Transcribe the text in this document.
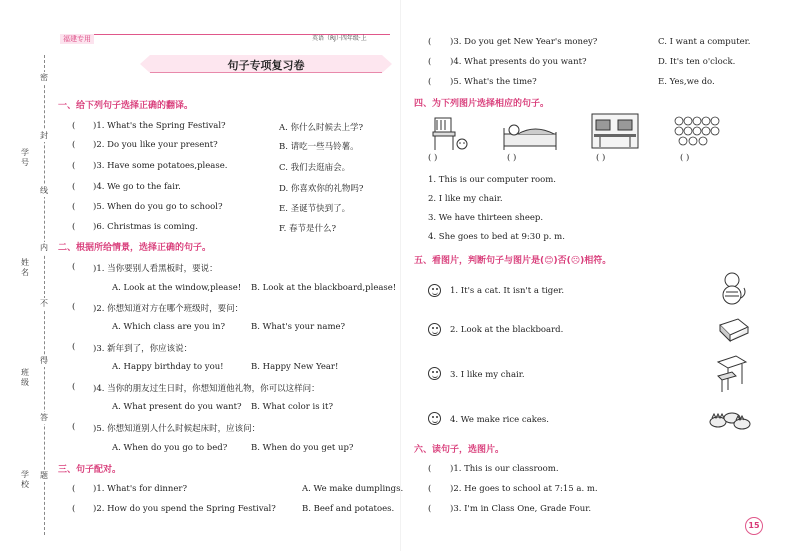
密
封
线
内
不
得
答
题
学号
姓名
班级
学校
福建专用	英语（RJ）·四年级·上
句子专项复习卷
一、给下列句子选择正确的翻译。
( )1. What's the Spring Festival?	A. 你什么时候去上学?
( )2. Do you like your present?	B. 请吃一些马铃薯。
( )3. Have some potatoes,please.	C. 我们去逛庙会。
( )4. We go to the fair.	D. 你喜欢你的礼物吗?
( )5. When do you go to school?	E. 圣诞节快到了。
( )6. Christmas is coming.	F. 春节是什么?
二、根据所给情景，选择正确的句子。
( )1. 当你要别人看黑板时，要说：
A. Look at the window,please! B. Look at the blackboard,please!
( )2. 你想知道对方在哪个班级时，要问：
A. Which class are you in?	B. What's your name?
( )3. 新年到了，你应该说：
A. Happy birthday to you!	B. Happy New Year!
( )4. 当你的朋友过生日时，你想知道他礼物，你可以这样问：
A. What present do you want? B. What color is it?
( )5. 你想知道别人什么时候起床时，应该问：
A. When do you go to bed?	B. When do you get up?
三、句子配对。
( )1. What's for dinner?	A. We make dumplings.
( )2. How do you spend the Spring Festival?	B. Beef and potatoes.
( )3. Do you get New Year's money?	C. I want a computer.
( )4. What presents do you want?	D. It's ten o'clock.
( )5. What's the time?	E. Yes,we do.
四、为下列图片选择相应的句子。
( )	( )	( )	( )
1. This is our computer room.
2. I like my chair.
3. We have thirteen sheep.
4. She goes to bed at 9:30 p. m.
五、看图片，判断句子与图片是(😊)否(☹)相符。
1. It's a cat. It isn't a tiger.
2. Look at the blackboard.
3. I like my chair.
4. We make rice cakes.
六、读句子，选图片。
( )1. This is our classroom.
( )2. He goes to school at 7:15 a. m.
( )3. I'm in Class One, Grade Four.
15
